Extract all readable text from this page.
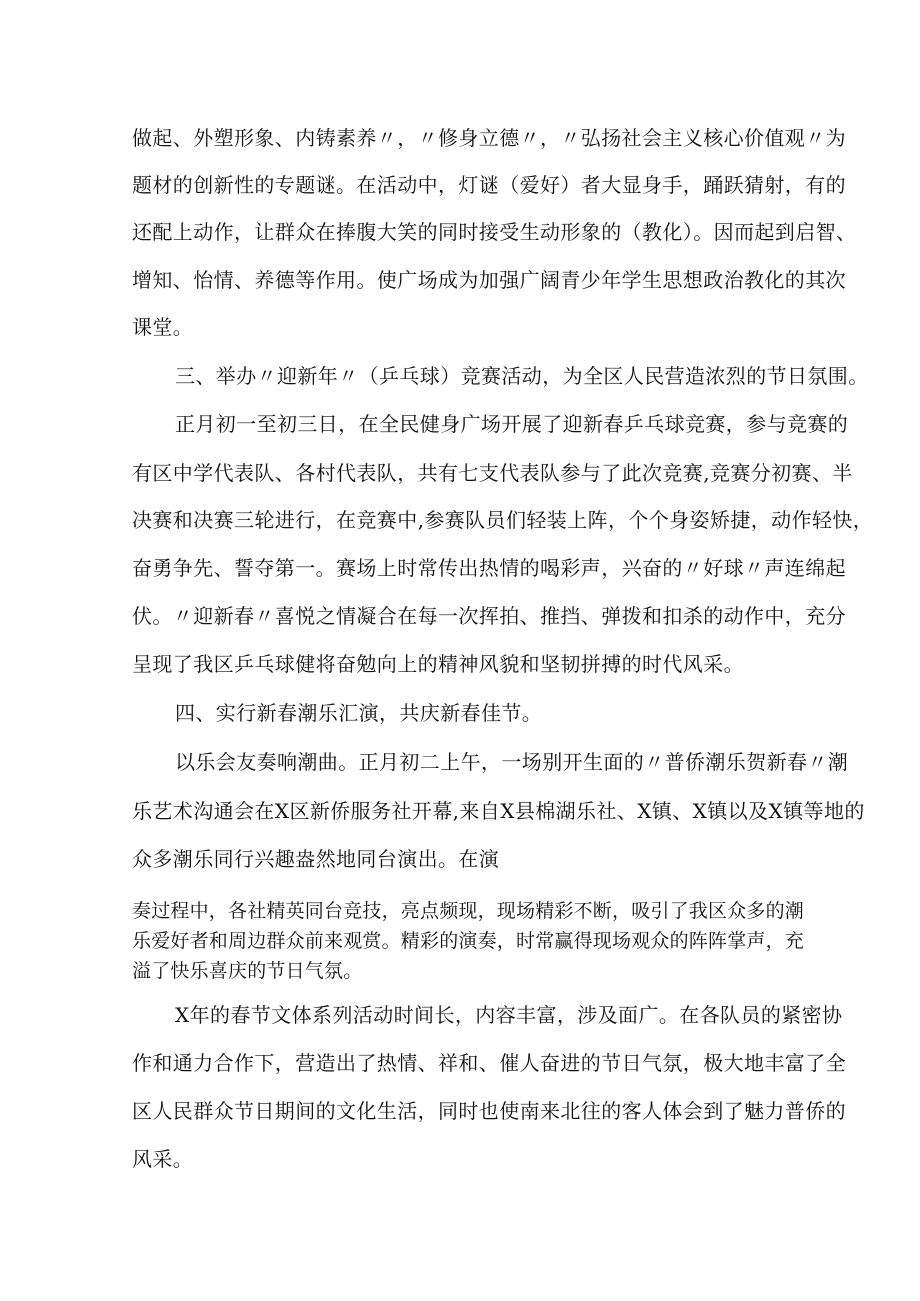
做起、外塑形象、内铸素养〃，〃修身立德〃，〃弘扬社会主义核心价值观〃为
题材的创新性的专题谜。在活动中，灯谜（爱好）者大显身手，踊跃猜射，有的
还配上动作，让群众在捧腹大笑的同时接受生动形象的（教化）。因而起到启智、
增知、怡情、养德等作用。使广场成为加强广阔青少年学生思想政治教化的其次
课堂。
三、举办〃迎新年〃（乒乓球）竞赛活动，为全区人民营造浓烈的节日氛围。
正月初一至初三日，在全民健身广场开展了迎新春乒乓球竞赛，参与竞赛的
有区中学代表队、各村代表队，共有七支代表队参与了此次竞赛,竞赛分初赛、半
决赛和决赛三轮进行，在竞赛中,参赛队员们轻装上阵，个个身姿矫捷，动作轻快，
奋勇争先、誓夺第一。赛场上时常传出热情的喝彩声，兴奋的〃好球〃声连绵起
伏。〃迎新春〃喜悦之情凝合在每一次挥拍、推挡、弹拨和扣杀的动作中，充分
呈现了我区乒乓球健将奋勉向上的精神风貌和坚韧拼搏的时代风采。
四、实行新春潮乐汇演，共庆新春佳节。
以乐会友奏响潮曲。正月初二上午，一场别开生面的〃普侨潮乐贺新春〃潮
乐艺术沟通会在X区新侨服务社开幕,来自X县棉湖乐社、X镇、X镇以及X镇等地的
众多潮乐同行兴趣盎然地同台演出。在演
奏过程中，各社精英同台竞技，亮点频现，现场精彩不断，吸引了我区众多的潮
乐爱好者和周边群众前来观赏。精彩的演奏，时常赢得现场观众的阵阵掌声，充
溢了快乐喜庆的节日气氛。
X年的春节文体系列活动时间长，内容丰富，涉及面广。在各队员的紧密协
作和通力合作下，营造出了热情、祥和、催人奋进的节日气氛，极大地丰富了全
区人民群众节日期间的文化生活，同时也使南来北往的客人体会到了魅力普侨的
风采。
